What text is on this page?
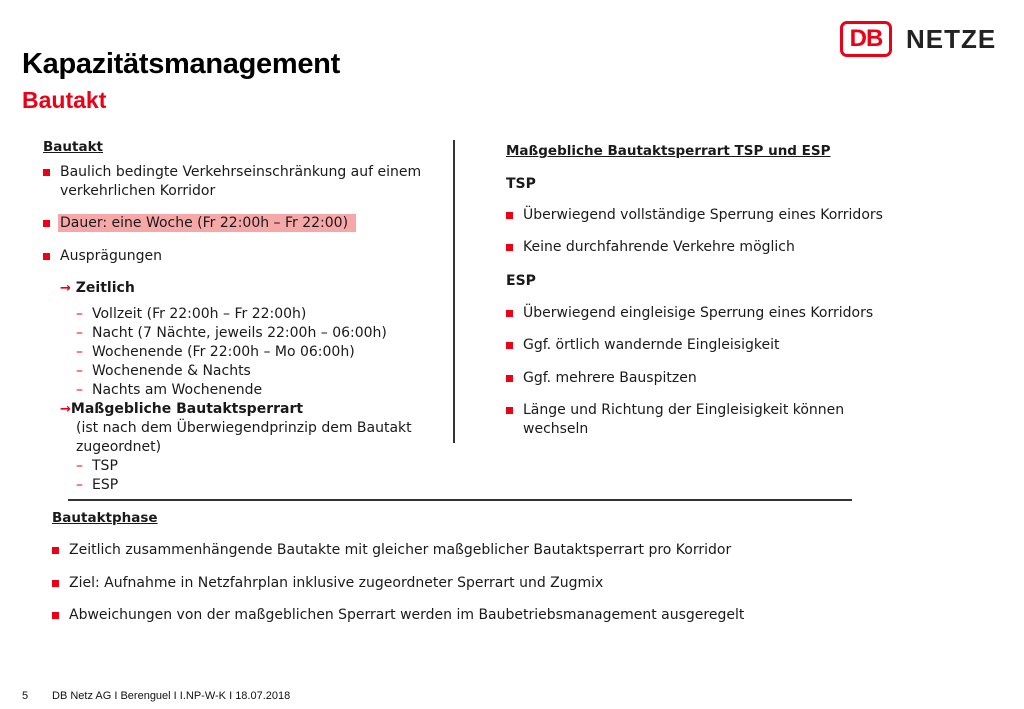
Kapazitätsmanagement
Bautakt
DB NETZE
Bautakt
Baulich bedingte Verkehrseinschränkung auf einem
verkehrlichen Korridor
Dauer: eine Woche (Fr 22:00h – Fr 22:00)
Ausprägungen
→ Zeitlich
– Vollzeit (Fr 22:00h – Fr 22:00h)
– Nacht (7 Nächte, jeweils 22:00h – 06:00h)
– Wochenende (Fr 22:00h – Mo 06:00h)
– Wochenende & Nachts
– Nachts am Wochenende
→Maßgebliche Bautaktsperrart
(ist nach dem Überwiegendprinzip dem Bautakt
zugeordnet)
– TSP
– ESP
Maßgebliche Bautaktsperrart TSP und ESP
TSP
Überwiegend vollständige Sperrung eines Korridors
Keine durchfahrende Verkehre möglich
ESP
Überwiegend eingleisige Sperrung eines Korridors
Ggf. örtlich wandernde Eingleisigkeit
Ggf. mehrere Bauspitzen
Länge und Richtung der Eingleisigkeit können
wechseln
Bautaktphase
Zeitlich zusammenhängende Bautakte mit gleicher maßgeblicher Bautaktsperrart pro Korridor
Ziel: Aufnahme in Netzfahrplan inklusive zugeordneter Sperrart und Zugmix
Abweichungen von der maßgeblichen Sperrart werden im Baubetriebsmanagement ausgeregelt
5 DB Netz AG I Berenguel I I.NP-W-K I 18.07.2018
